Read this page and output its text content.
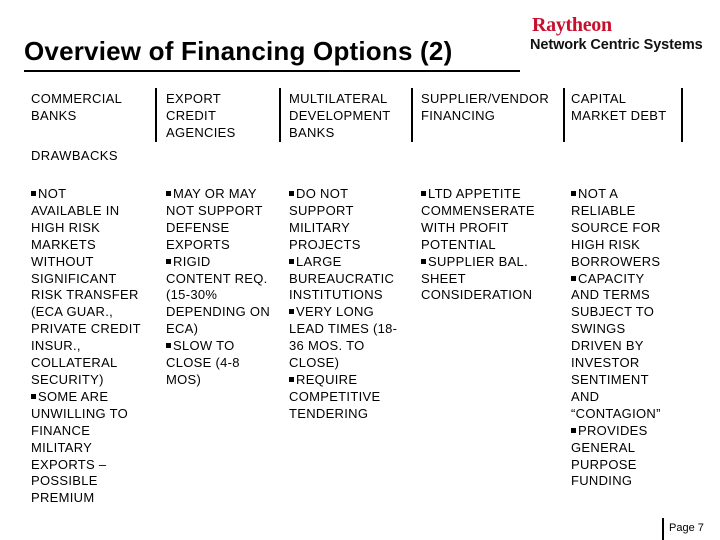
Overview of Financing Options (2)
Raytheon
Network Centric Systems
COMMERCIAL
BANKS
EXPORT
CREDIT
AGENCIES
MULTILATERAL
DEVELOPMENT
BANKS
SUPPLIER/VENDOR
FINANCING
CAPITAL
MARKET DEBT
DRAWBACKS
NOT
AVAILABLE IN
HIGH RISK
MARKETS
WITHOUT
SIGNIFICANT
RISK TRANSFER
(ECA GUAR.,
PRIVATE CREDIT
INSUR.,
COLLATERAL
SECURITY)
SOME ARE
UNWILLING TO
FINANCE
MILITARY
EXPORTS –
POSSIBLE
PREMIUM
MAY OR MAY
NOT SUPPORT
DEFENSE
EXPORTS
RIGID
CONTENT REQ.
(15-30%
DEPENDING ON
ECA)
SLOW TO
CLOSE (4-8
MOS)
DO NOT
SUPPORT
MILITARY
PROJECTS
LARGE
BUREAUCRATIC
INSTITUTIONS
VERY LONG
LEAD TIMES (18-
36 MOS. TO
CLOSE)
REQUIRE
COMPETITIVE
TENDERING
LTD APPETITE
COMMENSERATE
WITH PROFIT
POTENTIAL
SUPPLIER BAL.
SHEET
CONSIDERATION
NOT A
RELIABLE
SOURCE FOR
HIGH RISK
BORROWERS
CAPACITY
AND TERMS
SUBJECT TO
SWINGS
DRIVEN BY
INVESTOR
SENTIMENT
AND
“CONTAGION”
PROVIDES
GENERAL
PURPOSE
FUNDING
Page 7
